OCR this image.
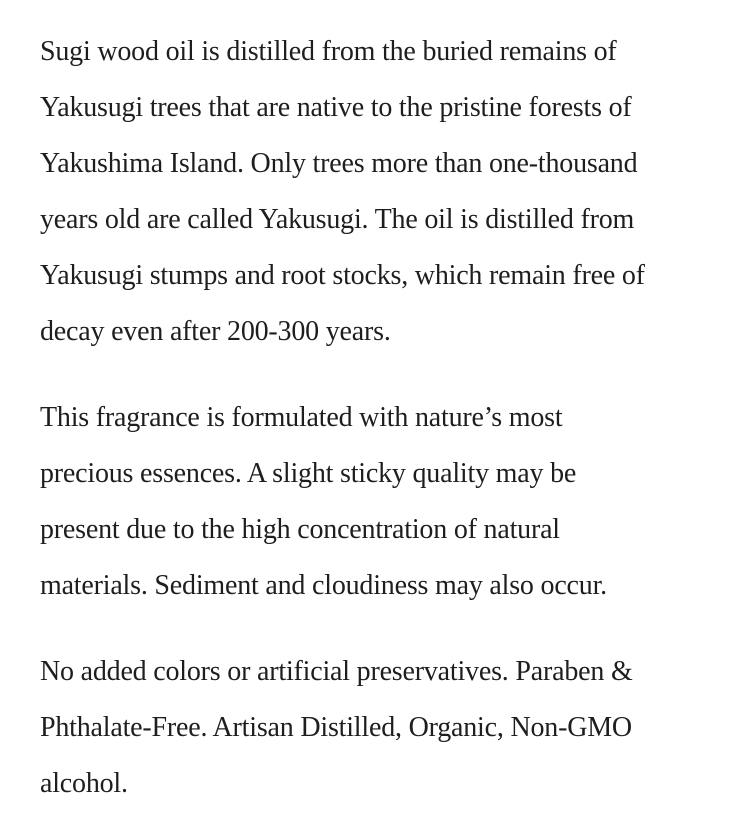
Sugi wood oil is distilled from the buried remains of
Yakusugi trees that are native to the pristine forests of
Yakushima Island. Only trees more than one-thousand
years old are called Yakusugi. The oil is distilled from
Yakusugi stumps and root stocks, which remain free of
decay even after 200-300 years.

This fragrance is formulated with nature’s most
precious essences. A slight sticky quality may be
present due to the high concentration of natural
materials. Sediment and cloudiness may also occur.

No added colors or artificial preservatives. Paraben &
Phthalate-Free. Artisan Distilled, Organic, Non-GMO
alcohol.
